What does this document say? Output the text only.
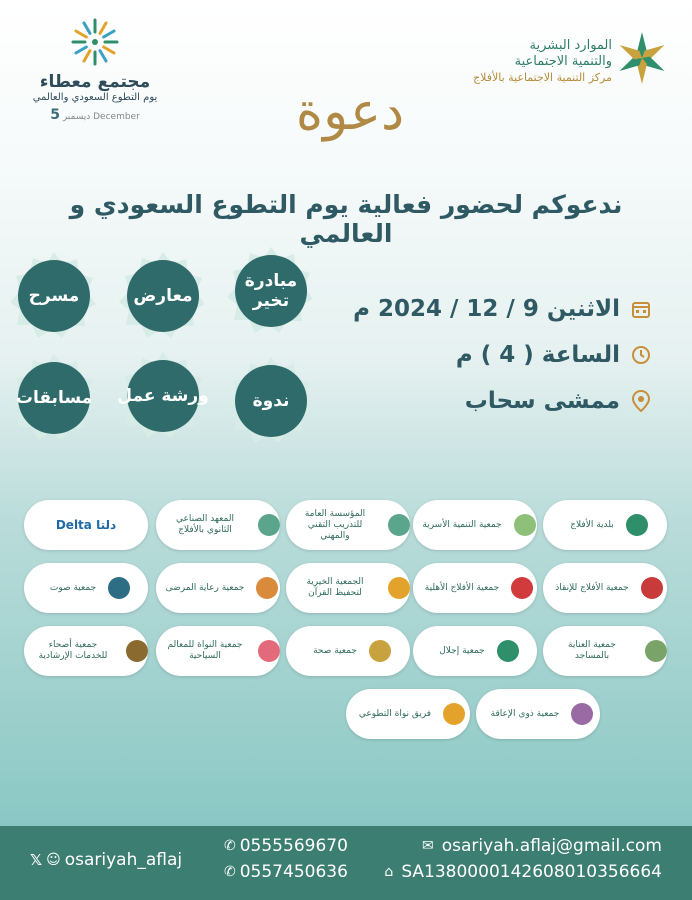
الموارد البشرية
والتنمية الاجتماعية
مركز التنمية الاجتماعية بالأفلاج
مجتمع معطاء
يوم التطوع السعودي والعالمي
ديسمبر 5	December	دعوة
ندعوكم لحضور فعالية يوم التطوع السعودي و العالمي
مبادرة تخير
معارض
مسرح
ندوة
ورشة عمل
مسابقات
الاثنين 9 / 12 / 2024 م
الساعة ( 4 ) م
ممشى سحاب
بلدية الأفلاج
جمعية التنمية الأسرية
المؤسسة العامة للتدريب التقني والمهني
المعهد الصناعي الثانوي بالأفلاج
دلتا Delta
جمعية الأفلاج للإنقاذ
جمعية الأفلاج الأهلية
الجمعية الخيرية لتحفيظ القرآن
جمعية رعاية المرضى
جمعية صوت
جمعية العناية بالمساجد
جمعية إجلال
جمعية صحة
جمعية النواة للمعالم السياحية
جمعية أصحاء للخدمات الإرشادية
جمعية ذوي الإعاقة
فريق نواة التطوعي
✉ osariyah.aflaj@gmail.com
⌂ SA1380000142608010356664
✆ 0555569670
✆ 0557450636
𝕏 ☺ osariyah_aflaj
